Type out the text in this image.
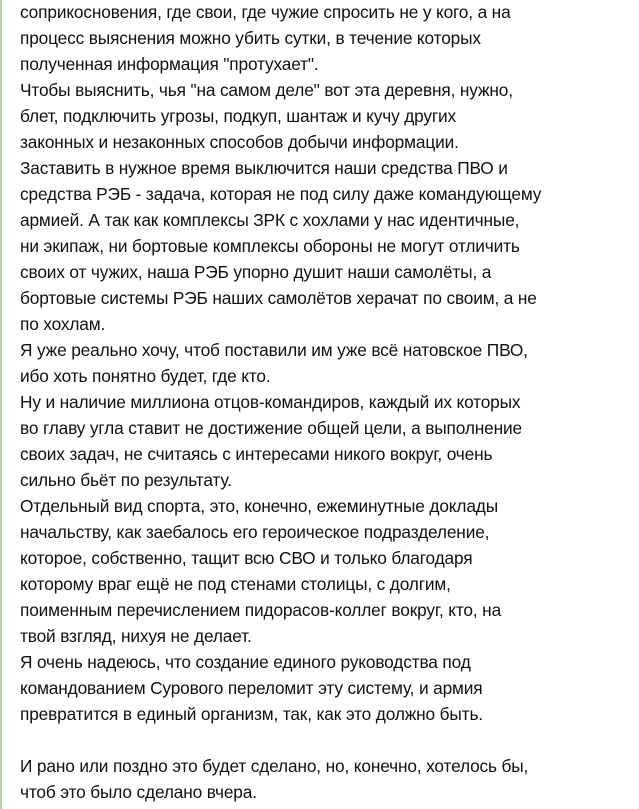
соприкосновения, где свои, где чужие спросить не у кого, а на
процесс выяснения можно убить сутки, в течение которых
полученная информация "протухает".
Чтобы выяснить, чья "на самом деле" вот эта деревня, нужно,
блет, подключить угрозы, подкуп, шантаж и кучу других
законных и незаконных способов добычи информации.
Заставить в нужное время выключится наши средства ПВО и
средства РЭБ - задача, которая не под силу даже командующему
армией. А так как комплексы ЗРК с хохлами у нас идентичные,
ни экипаж, ни бортовые комплексы обороны не могут отличить
своих от чужих, наша РЭБ упорно душит наши самолёты, а
бортовые системы РЭБ наших самолётов херачат по своим, а не
по хохлам.
Я уже реально хочу, чтоб поставили им уже всё натовское ПВО,
ибо хоть понятно будет, где кто.
Ну и наличие миллиона отцов-командиров, каждый их которых
во главу угла ставит не достижение общей цели, а выполнение
своих задач, не считаясь с интересами никого вокруг, очень
сильно бьёт по результату.
Отдельный вид спорта, это, конечно, ежеминутные доклады
начальству, как заебалось его героическое подразделение,
которое, собственно, тащит всю СВО и только благодаря
которому враг ещё не под стенами столицы, с долгим,
поименным перечислением пидорасов-коллег вокруг, кто, на
твой взгляд, нихуя не делает.
Я очень надеюсь, что создание единого руководства под
командованием Сурового переломит эту систему, и армия
превратится в единый организм, так, как это должно быть.
И рано или поздно это будет сделано, но, конечно, хотелось бы,
чтоб это было сделано вчера.
